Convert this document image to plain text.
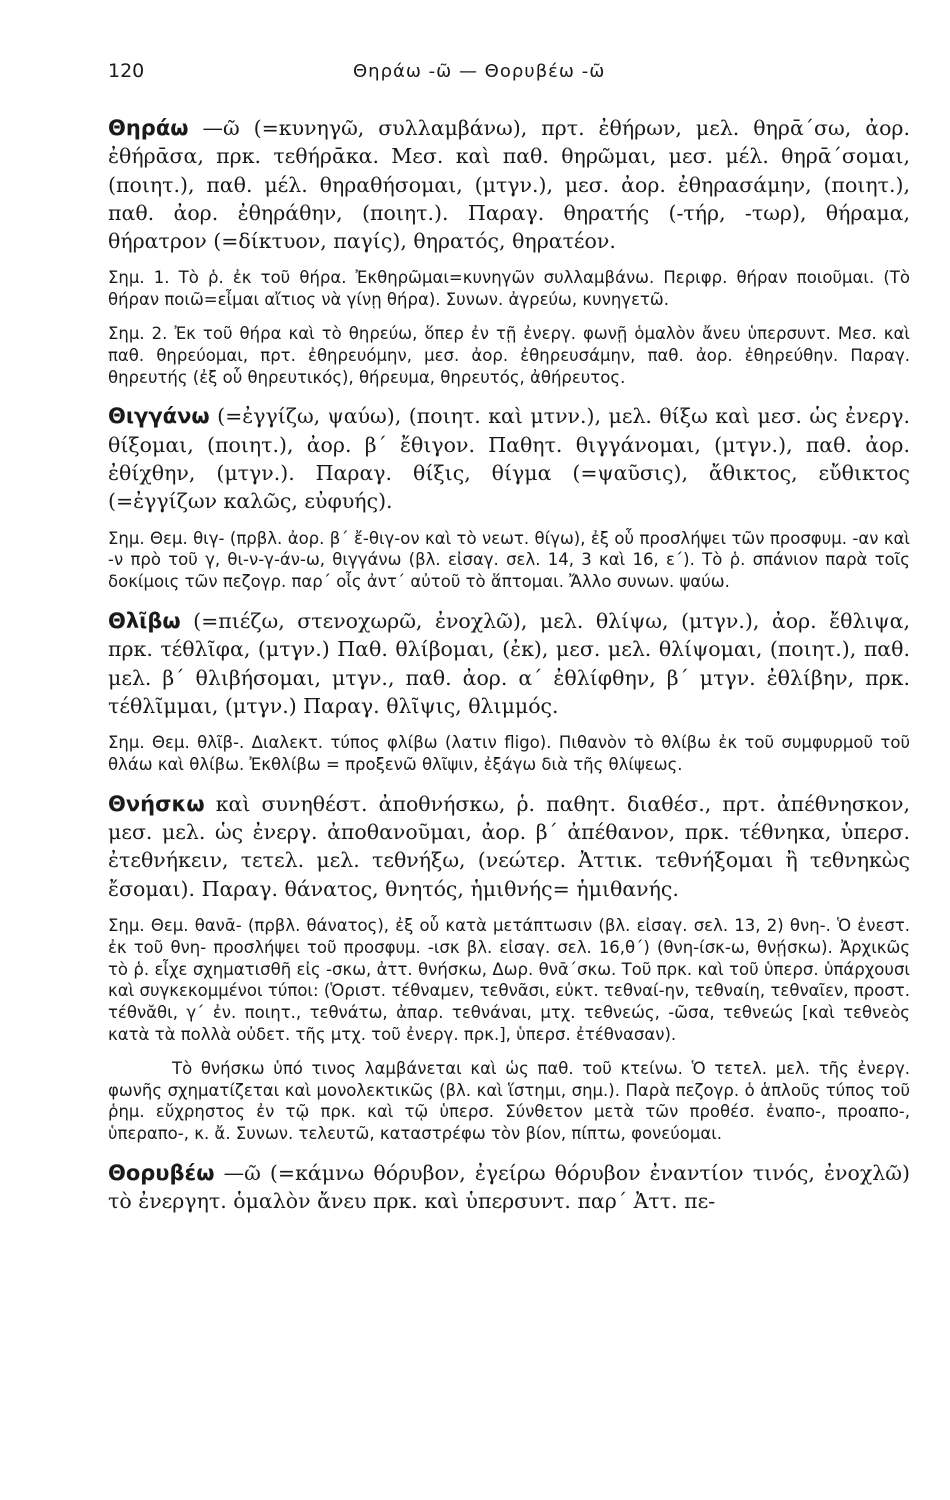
120	Θηράω -ῶ — Θορυβέω -ῶ

Θηράω —ῶ (=κυνηγῶ, συλλαμβάνω), πρτ. ἐθήρων, μελ. θηρᾱ΄σω, ἀορ. ἐθήρᾱσα, πρκ. τεθήρᾱκα. Μεσ. καὶ παθ. θηρῶμαι, μεσ. μέλ. θηρᾱ΄σομαι, (ποιητ.), παθ. μέλ. θηραθήσομαι, (μτγν.), μεσ. ἀορ. ἐθηρασάμην, (ποιητ.), παθ. ἀορ. ἐθηράθην, (ποιητ.). Παραγ. θηρατής (-τήρ, -τωρ), θήραμα, θήρατρον (=δίκτυον, παγίς), θηρατός, θηρατέον.

Σημ. 1. Τὸ ῥ. ἐκ τοῦ θήρα. Ἐκθηρῶμαι=κυνηγῶν συλλαμβάνω. Περιφρ. θήραν ποιοῦμαι. (Τὸ θήραν ποιῶ=εἶμαι αἴτιος νὰ γίνῃ θήρα). Συνων. ἀγρεύω, κυνηγετῶ.

Σημ. 2. Ἐκ τοῦ θήρα καὶ τὸ θηρεύω, ὅπερ ἐν τῇ ἐνεργ. φωνῇ ὁμαλὸν ἄνευ ὑπερσυντ. Μεσ. καὶ παθ. θηρεύομαι, πρτ. ἐθηρευόμην, μεσ. ἀορ. ἐθηρευσάμην, παθ. ἀορ. ἐθηρεύθην. Παραγ. θηρευτής (ἐξ οὗ θηρευτικός), θήρευμα, θηρευτός, ἀθήρευτος.

Θιγγάνω (=ἐγγίζω, ψαύω), (ποιητ. καὶ μτνν.), μελ. θίξω καὶ μεσ. ὡς ἐνεργ. θίξομαι, (ποιητ.), ἀορ. β΄ ἔθιγον. Παθητ. θιγγάνομαι, (μτγν.), παθ. ἀορ. ἐθίχθην, (μτγν.). Παραγ. θίξις, θίγμα (=ψαῦσις), ἄθικτος, εὔθικτος (=ἐγγίζων καλῶς, εὐφυής).

Σημ. Θεμ. θιγ- (πρβλ. ἀορ. β΄ ἔ-θιγ-ον καὶ τὸ νεωτ. θίγω), ἐξ οὗ προσλήψει τῶν προσφυμ. -αν καὶ -ν πρὸ τοῦ γ, θι-ν-γ-άν-ω, θιγγάνω (βλ. εἰσαγ. σελ. 14, 3 καὶ 16, ε΄). Τὸ ῥ. σπάνιον παρὰ τοῖς δοκίμοις τῶν πεζογρ. παρ΄ οἷς ἀντ΄ αὐτοῦ τὸ ἅπτομαι. Ἄλλο συνων. ψαύω.

Θλῖβω (=πιέζω, στενοχωρῶ, ἐνοχλῶ), μελ. θλίψω, (μτγν.), ἀορ. ἔθλιψα, πρκ. τέθλῖφα, (μτγν.) Παθ. θλίβομαι, (ἐκ), μεσ. μελ. θλίψομαι, (ποιητ.), παθ. μελ. β΄ θλιβήσομαι, μτγν., παθ. ἀορ. α΄ ἐθλίφθην, β΄ μτγν. ἐθλίβην, πρκ. τέθλῖμμαι, (μτγν.) Παραγ. θλῖψις, θλιμμός.

Σημ. Θεμ. θλῖβ-. Διαλεκτ. τύπος φλίβω (λατιν fligo). Πιθανὸν τὸ θλίβω ἐκ τοῦ συμφυρμοῦ τοῦ θλάω καὶ θλίβω. Ἐκθλίβω = προξενῶ θλῖψιν, ἐξάγω διὰ τῆς θλίψεως.

Θνήσκω καὶ συνηθέστ. ἀποθνήσκω, ῥ. παθητ. διαθέσ., πρτ. ἀπέθνησκον, μεσ. μελ. ὡς ἐνεργ. ἀποθανοῦμαι, ἀορ. β΄ ἀπέθανον, πρκ. τέθνηκα, ὑπερσ. ἐτεθνήκειν, τετελ. μελ. τεθνήξω, (νεώτερ. Ἀττικ. τεθνήξομαι ἢ τεθνηκὼς ἔσομαι). Παραγ. θάνατος, θνητός, ἡμιθνής= ἡμιθανής.

Σημ. Θεμ. θανᾱ- (πρβλ. θάνατος), ἐξ οὗ κατὰ μετάπτωσιν (βλ. εἰσαγ. σελ. 13, 2) θνη-. Ὁ ἐνεστ. ἐκ τοῦ θνη- προσλήψει τοῦ προσφυμ. -ισκ βλ. εἰσαγ. σελ. 16,θ΄) (θνη-ίσκ-ω, θνῄσκω). Ἀρχικῶς τὸ ῥ. εἶχε σχηματισθῆ εἰς -σκω, ἀττ. θνήσκω, Δωρ. θνᾱ΄σκω. Τοῦ πρκ. καὶ τοῦ ὑπερσ. ὑπάρχουσι καὶ συγκεκομμένοι τύποι: (Ὁριστ. τέθναμεν, τεθνᾶσι, εὐκτ. τεθναί-ην, τεθναίη, τεθναῖεν, προστ. τέθνᾰθι, γ΄ ἐν. ποιητ., τεθνάτω, ἀπαρ. τεθνάναι, μτχ. τεθνεώς, -ῶσα, τεθνεώς [καὶ τεθνεὸς κατὰ τὰ πολλὰ οὐδετ. τῆς μτχ. τοῦ ἐνεργ. πρκ.], ὑπερσ. ἐτέθνασαν).

Τὸ θνήσκω ὑπό τινος λαμβάνεται καὶ ὡς παθ. τοῦ κτείνω. Ὁ τετελ. μελ. τῆς ἐνεργ. φωνῆς σχηματίζεται καὶ μονολεκτικῶς (βλ. καὶ ἵστημι, σημ.). Παρὰ πεζογρ. ὁ ἁπλοῦς τύπος τοῦ ῥημ. εὔχρηστος ἐν τῷ πρκ. καὶ τῷ ὑπερσ. Σύνθετον μετὰ τῶν προθέσ. ἐναπο-, προαπο-, ὑπεραπο-, κ. ἄ. Συνων. τελευτῶ, καταστρέφω τὸν βίον, πίπτω, φονεύομαι.

Θορυβέω —ῶ (=κάμνω θόρυβον, ἐγείρω θόρυβον ἐναντίον τινός, ἐνοχλῶ) τὸ ἐνεργητ. ὁμαλὸν ἄνευ πρκ. καὶ ὑπερσυντ. παρ΄ Ἀττ. πε-
